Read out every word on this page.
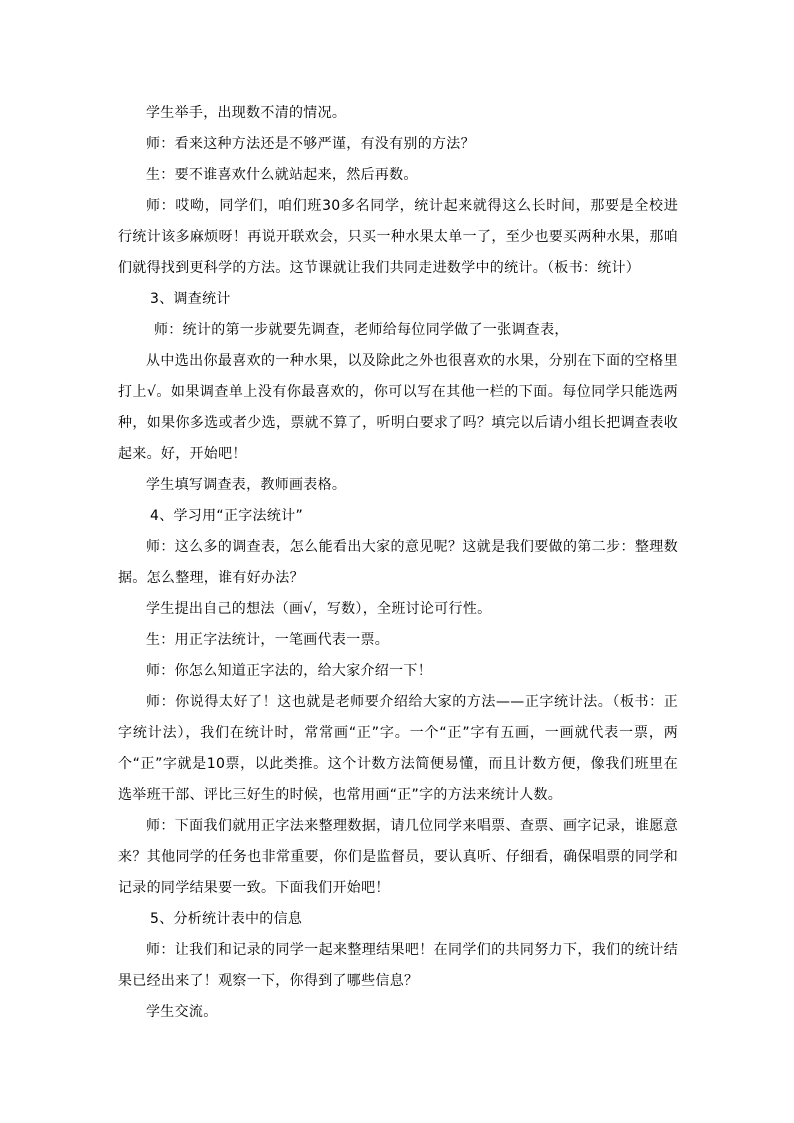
学生举手，出现数不清的情况。

师：看来这种方法还是不够严谨，有没有别的方法？

生：要不谁喜欢什么就站起来，然后再数。

师：哎呦，同学们，咱们班30多名同学，统计起来就得这么长时间，那要是全校进行统计该多麻烦呀！再说开联欢会，只买一种水果太单一了，至少也要买两种水果，那咱们就得找到更科学的方法。这节课就让我们共同走进数学中的统计。（板书：统计）

3、调查统计

师：统计的第一步就要先调查，老师给每位同学做了一张调查表，

从中选出你最喜欢的一种水果，以及除此之外也很喜欢的水果，分别在下面的空格里打上√。如果调查单上没有你最喜欢的，你可以写在其他一栏的下面。每位同学只能选两种，如果你多选或者少选，票就不算了，听明白要求了吗？填完以后请小组长把调查表收起来。好，开始吧！

学生填写调查表，教师画表格。

4、学习用“正字法统计”

师：这么多的调查表，怎么能看出大家的意见呢？这就是我们要做的第二步：整理数据。怎么整理，谁有好办法？

学生提出自己的想法（画√，写数），全班讨论可行性。

生：用正字法统计，一笔画代表一票。

师：你怎么知道正字法的，给大家介绍一下！

师：你说得太好了！这也就是老师要介绍给大家的方法——正字统计法。（板书：正字统计法），我们在统计时，常常画“正”字。一个“正”字有五画，一画就代表一票，两个“正”字就是10票，以此类推。这个计数方法简便易懂，而且计数方便，像我们班里在选举班干部、评比三好生的时候，也常用画“正”字的方法来统计人数。

师：下面我们就用正字法来整理数据，请几位同学来唱票、查票、画字记录，谁愿意来？其他同学的任务也非常重要，你们是监督员，要认真听、仔细看，确保唱票的同学和记录的同学结果要一致。下面我们开始吧！

5、分析统计表中的信息

师：让我们和记录的同学一起来整理结果吧！在同学们的共同努力下，我们的统计结果已经出来了！观察一下，你得到了哪些信息？

学生交流。
